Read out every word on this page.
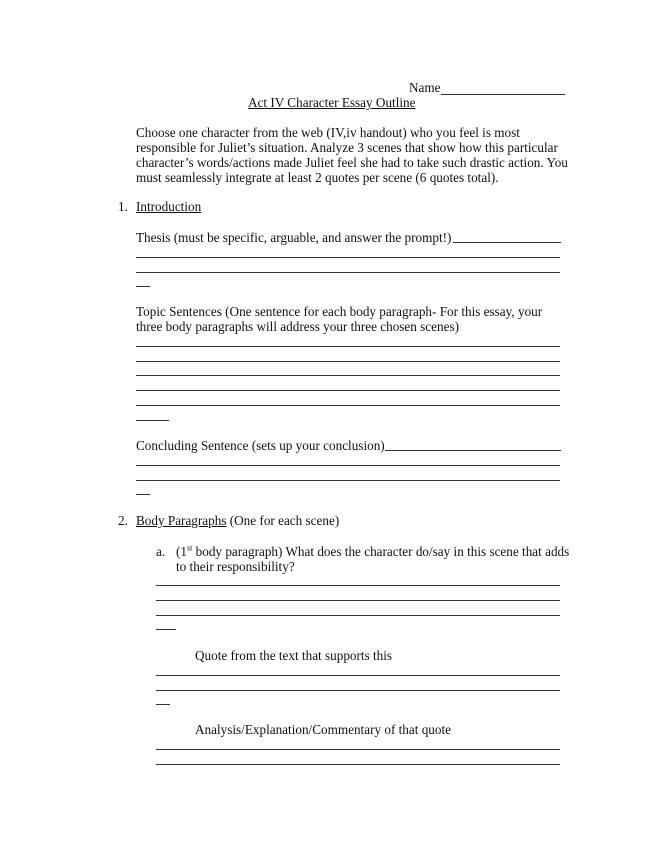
Name
Act IV Character Essay Outline
Choose one character from the web (IV,iv handout) who you feel is most
responsible for Juliet’s situation. Analyze 3 scenes that show how this particular
character’s words/actions made Juliet feel she had to take such drastic action. You
must seamlessly integrate at least 2 quotes per scene (6 quotes total).
1. Introduction
Thesis (must be specific, arguable, and answer the prompt!)
Topic Sentences (One sentence for each body paragraph- For this essay, your
three body paragraphs will address your three chosen scenes)
Concluding Sentence (sets up your conclusion)
2. Body Paragraphs (One for each scene)
a. (1st body paragraph) What does the character do/say in this scene that adds
to their responsibility?
Quote from the text that supports this
Analysis/Explanation/Commentary of that quote
